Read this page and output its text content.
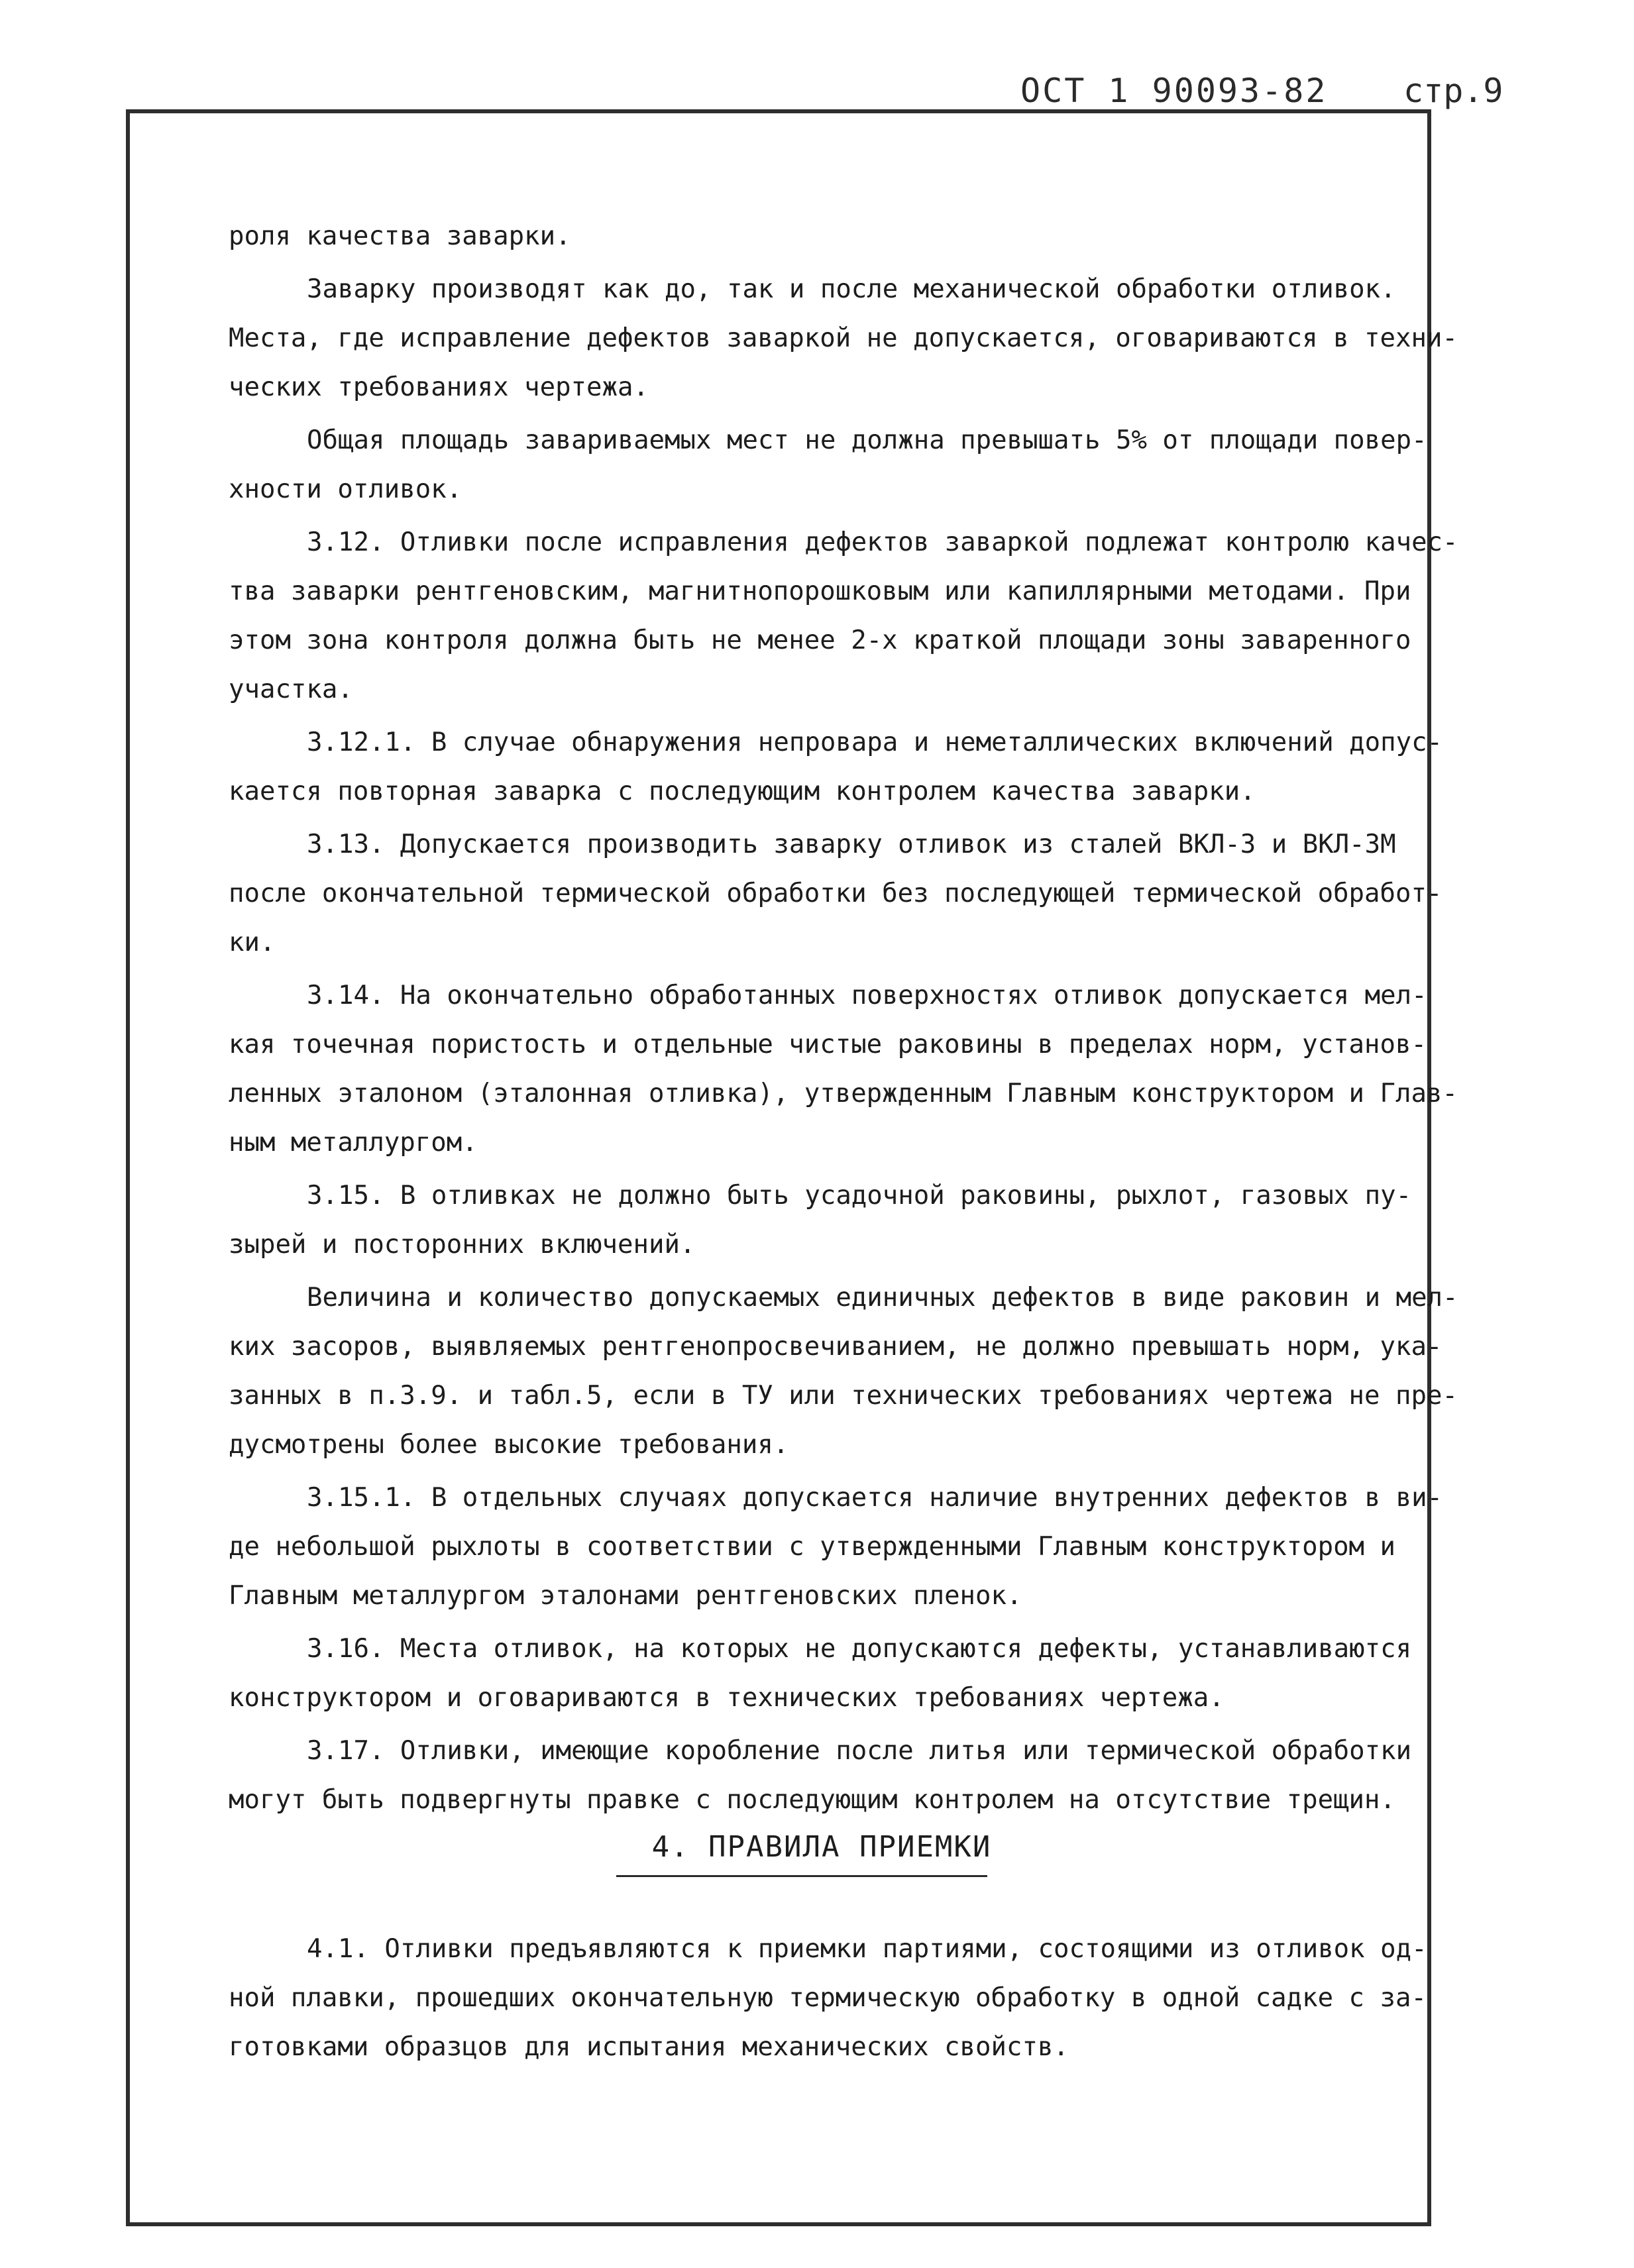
ОСТ 1 90093-82 стр.9
роля качества заварки.
Заварку производят как до, так и после механической обработки отливок.
Места, где исправление дефектов заваркой не допускается, оговариваются в техни-
ческих требованиях чертежа.
Общая площадь завариваемых мест не должна превышать 5% от площади повер-
хности отливок.
3.12. Отливки после исправления дефектов заваркой подлежат контролю качес-
тва заварки рентгеновским, магнитнопорошковым или капиллярными методами. При
этом зона контроля должна быть не менее 2-х краткой площади зоны заваренного
участка.
3.12.1. В случае обнаружения непровара и неметаллических включений допус-
кается повторная заварка с последующим контролем качества заварки.
3.13. Допускается производить заварку отливок из сталей ВКЛ-3 и ВКЛ-3М
после окончательной термической обработки без последующей термической обработ-
ки.
3.14. На окончательно обработанных поверхностях отливок допускается мел-
кая точечная пористость и отдельные чистые раковины в пределах норм, установ-
ленных эталоном (эталонная отливка), утвержденным Главным конструктором и Глав-
ным металлургом.
3.15. В отливках не должно быть усадочной раковины, рыхлот, газовых пу-
зырей и посторонних включений.
Величина и количество допускаемых единичных дефектов в виде раковин и мел-
ких засоров, выявляемых рентгенопросвечиванием, не должно превышать норм, ука-
занных в п.3.9. и табл.5, если в ТУ или технических требованиях чертежа не пре-
дусмотрены более высокие требования.
3.15.1. В отдельных случаях допускается наличие внутренних дефектов в ви-
де небольшой рыхлоты в соответствии с утвержденными Главным конструктором и
Главным металлургом эталонами рентгеновских пленок.
3.16. Места отливок, на которых не допускаются дефекты, устанавливаются
конструктором и оговариваются в технических требованиях чертежа.
3.17. Отливки, имеющие коробление после литья или термической обработки
могут быть подвергнуты правке с последующим контролем на отсутствие трещин.
4. ПРАВИЛА ПРИЕМКИ
4.1. Отливки предъявляются к приемки партиями, состоящими из отливок од-
ной плавки, прошедших окончательную термическую обработку в одной садке с за-
готовками образцов для испытания механических свойств.
